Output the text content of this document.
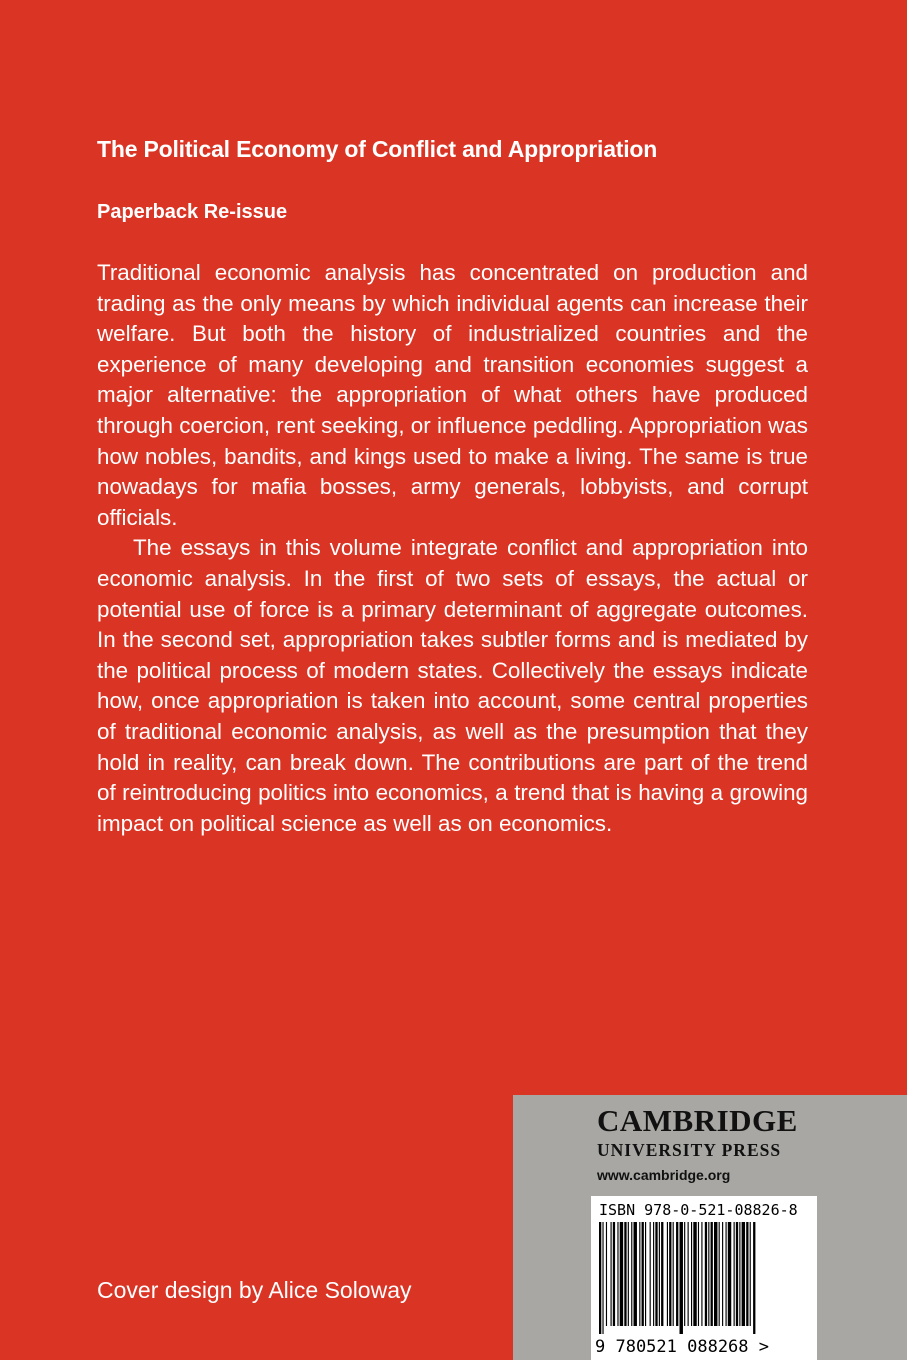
The Political Economy of Conflict and Appropriation
Paperback Re-issue

Traditional economic analysis has concentrated on production and trading as the only means by which individual agents can increase their welfare. But both the history of industrialized countries and the experience of many developing and transition economies suggest a major alternative: the appropriation of what others have produced through coercion, rent seeking, or influence peddling. Appropriation was how nobles, bandits, and kings used to make a living. The same is true nowadays for mafia bosses, army generals, lobbyists, and corrupt officials.

The essays in this volume integrate conflict and appropriation into economic analysis. In the first of two sets of essays, the actual or potential use of force is a primary determinant of aggregate outcomes. In the second set, appropriation takes subtler forms and is mediated by the political process of modern states. Collectively the essays indicate how, once appropriation is taken into account, some central properties of traditional economic analysis, as well as the presumption that they hold in reality, can break down. The contributions are part of the trend of reintroducing politics into economics, a trend that is having a growing impact on political science as well as on economics.

Cover design by Alice Soloway
CAMBRIDGE
UNIVERSITY PRESS
www.cambridge.org
ISBN 978-0-521-08826-8
9 780521 088268 >
